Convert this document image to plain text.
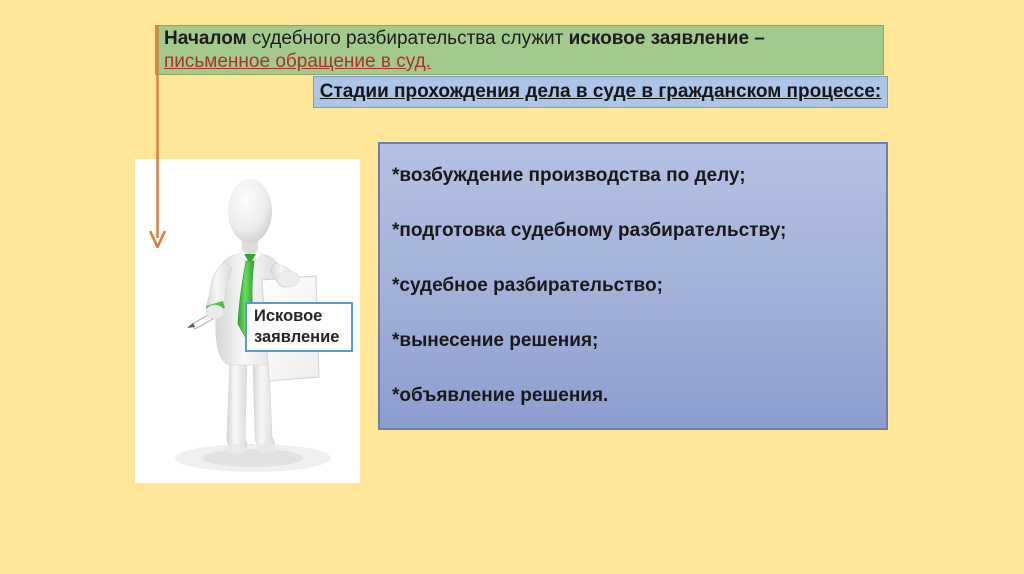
Началом судебного разбирательства служит исковое заявление –

письменное обращение в суд.

Стадии прохождения дела в суде в гражданском процессе:
Исковое заявление
*возбуждение производства по делу;
*подготовка судебному разбирательству;
*судебное разбирательство;
*вынесение решения;
*объявление решения.
